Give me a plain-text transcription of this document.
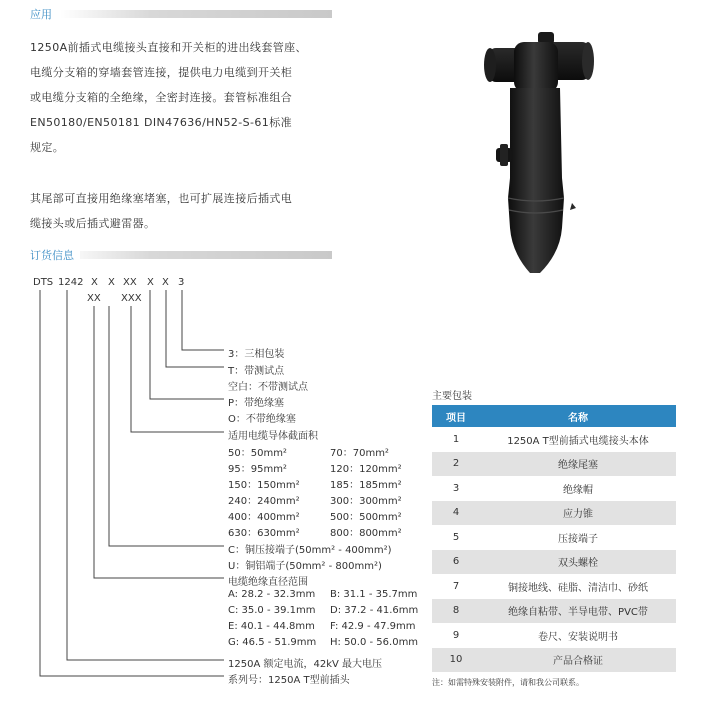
应用
1250A前插式电缆接头直接和开关柜的进出线套管座、
电缆分支箱的穿墙套管连接，提供电力电缆到开关柜
或电缆分支箱的全绝缘，全密封连接。套管标准组合
EN50180/EN50181 DIN47636/HN52-S-61标准
规定。
其尾部可直接用绝缘塞堵塞，也可扩展连接后插式电
缆接头或后插式避雷器。
订货信息
DTS 1242 X X XX X X 3
XX XXX
3：三相包装
T：带测试点
空白：不带测试点
P：带绝缘塞
O：不带绝缘塞
适用电缆导体截面积
50：50mm²	70：70mm²
95：95mm²	120：120mm²
150：150mm²	185：185mm²
240：240mm²	300：300mm²
400：400mm²	500：500mm²
630：630mm²	800：800mm²
C：铜压接端子(50mm² - 400mm²)
U：铜铝端子(50mm² - 800mm²)
电缆绝缘直径范围
A: 28.2 - 32.3mm B: 31.1 - 35.7mm
C: 35.0 - 39.1mm D: 37.2 - 41.6mm
E: 40.1 - 44.8mm F: 42.9 - 47.9mm
G: 46.5 - 51.9mm H: 50.0 - 56.0mm
1250A 额定电流，42kV 最大电压
系列号：1250A T型前插头
主要包装
项目	名称
1	1250A T型前插式电缆接头本体
2	绝缘尾塞
3	绝缘帽
4	应力锥
5	压接端子
6	双头螺栓
7	铜接地线、硅脂、清洁巾、砂纸
8	绝缘自粘带、半导电带、PVC带
9	卷尺、安装说明书
10	产品合格证
注：如需特殊安装附件，请和我公司联系。
